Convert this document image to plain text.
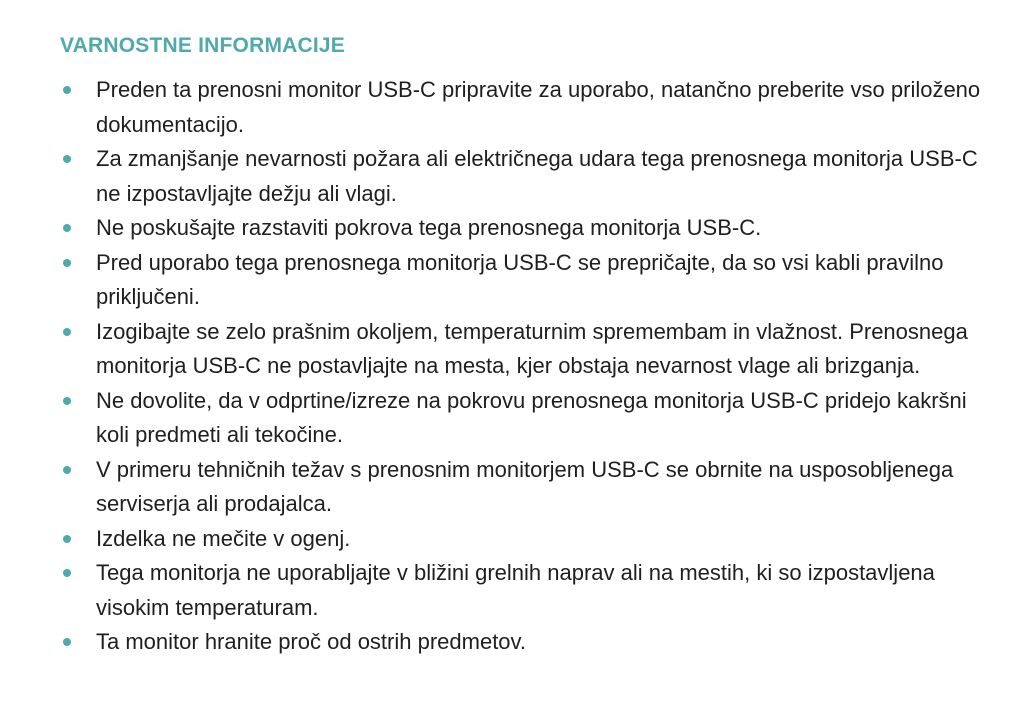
VARNOSTNE INFORMACIJE
Preden ta prenosni monitor USB-C pripravite za uporabo, natančno preberite vso priloženo dokumentacijo.
Za zmanjšanje nevarnosti požara ali električnega udara tega prenosnega monitorja USB-C ne izpostavljajte dežju ali vlagi.
Ne poskušajte razstaviti pokrova tega prenosnega monitorja USB-C.
Pred uporabo tega prenosnega monitorja USB-C se prepričajte, da so vsi kabli pravilno priključeni.
Izogibajte se zelo prašnim okoljem, temperaturnim spremembam in vlažnost. Prenosnega monitorja USB-C ne postavljajte na mesta, kjer obstaja nevarnost vlage ali brizganja.
Ne dovolite, da v odprtine/izreze na pokrovu prenosnega monitorja USB-C pridejo kakršni koli predmeti ali tekočine.
V primeru tehničnih težav s prenosnim monitorjem USB-C se obrnite na usposobljenega serviserja ali prodajalca.
Izdelka ne mečite v ogenj.
Tega monitorja ne uporabljajte v bližini grelnih naprav ali na mestih, ki so izpostavljena visokim temperaturam.
Ta monitor hranite proč od ostrih predmetov.
